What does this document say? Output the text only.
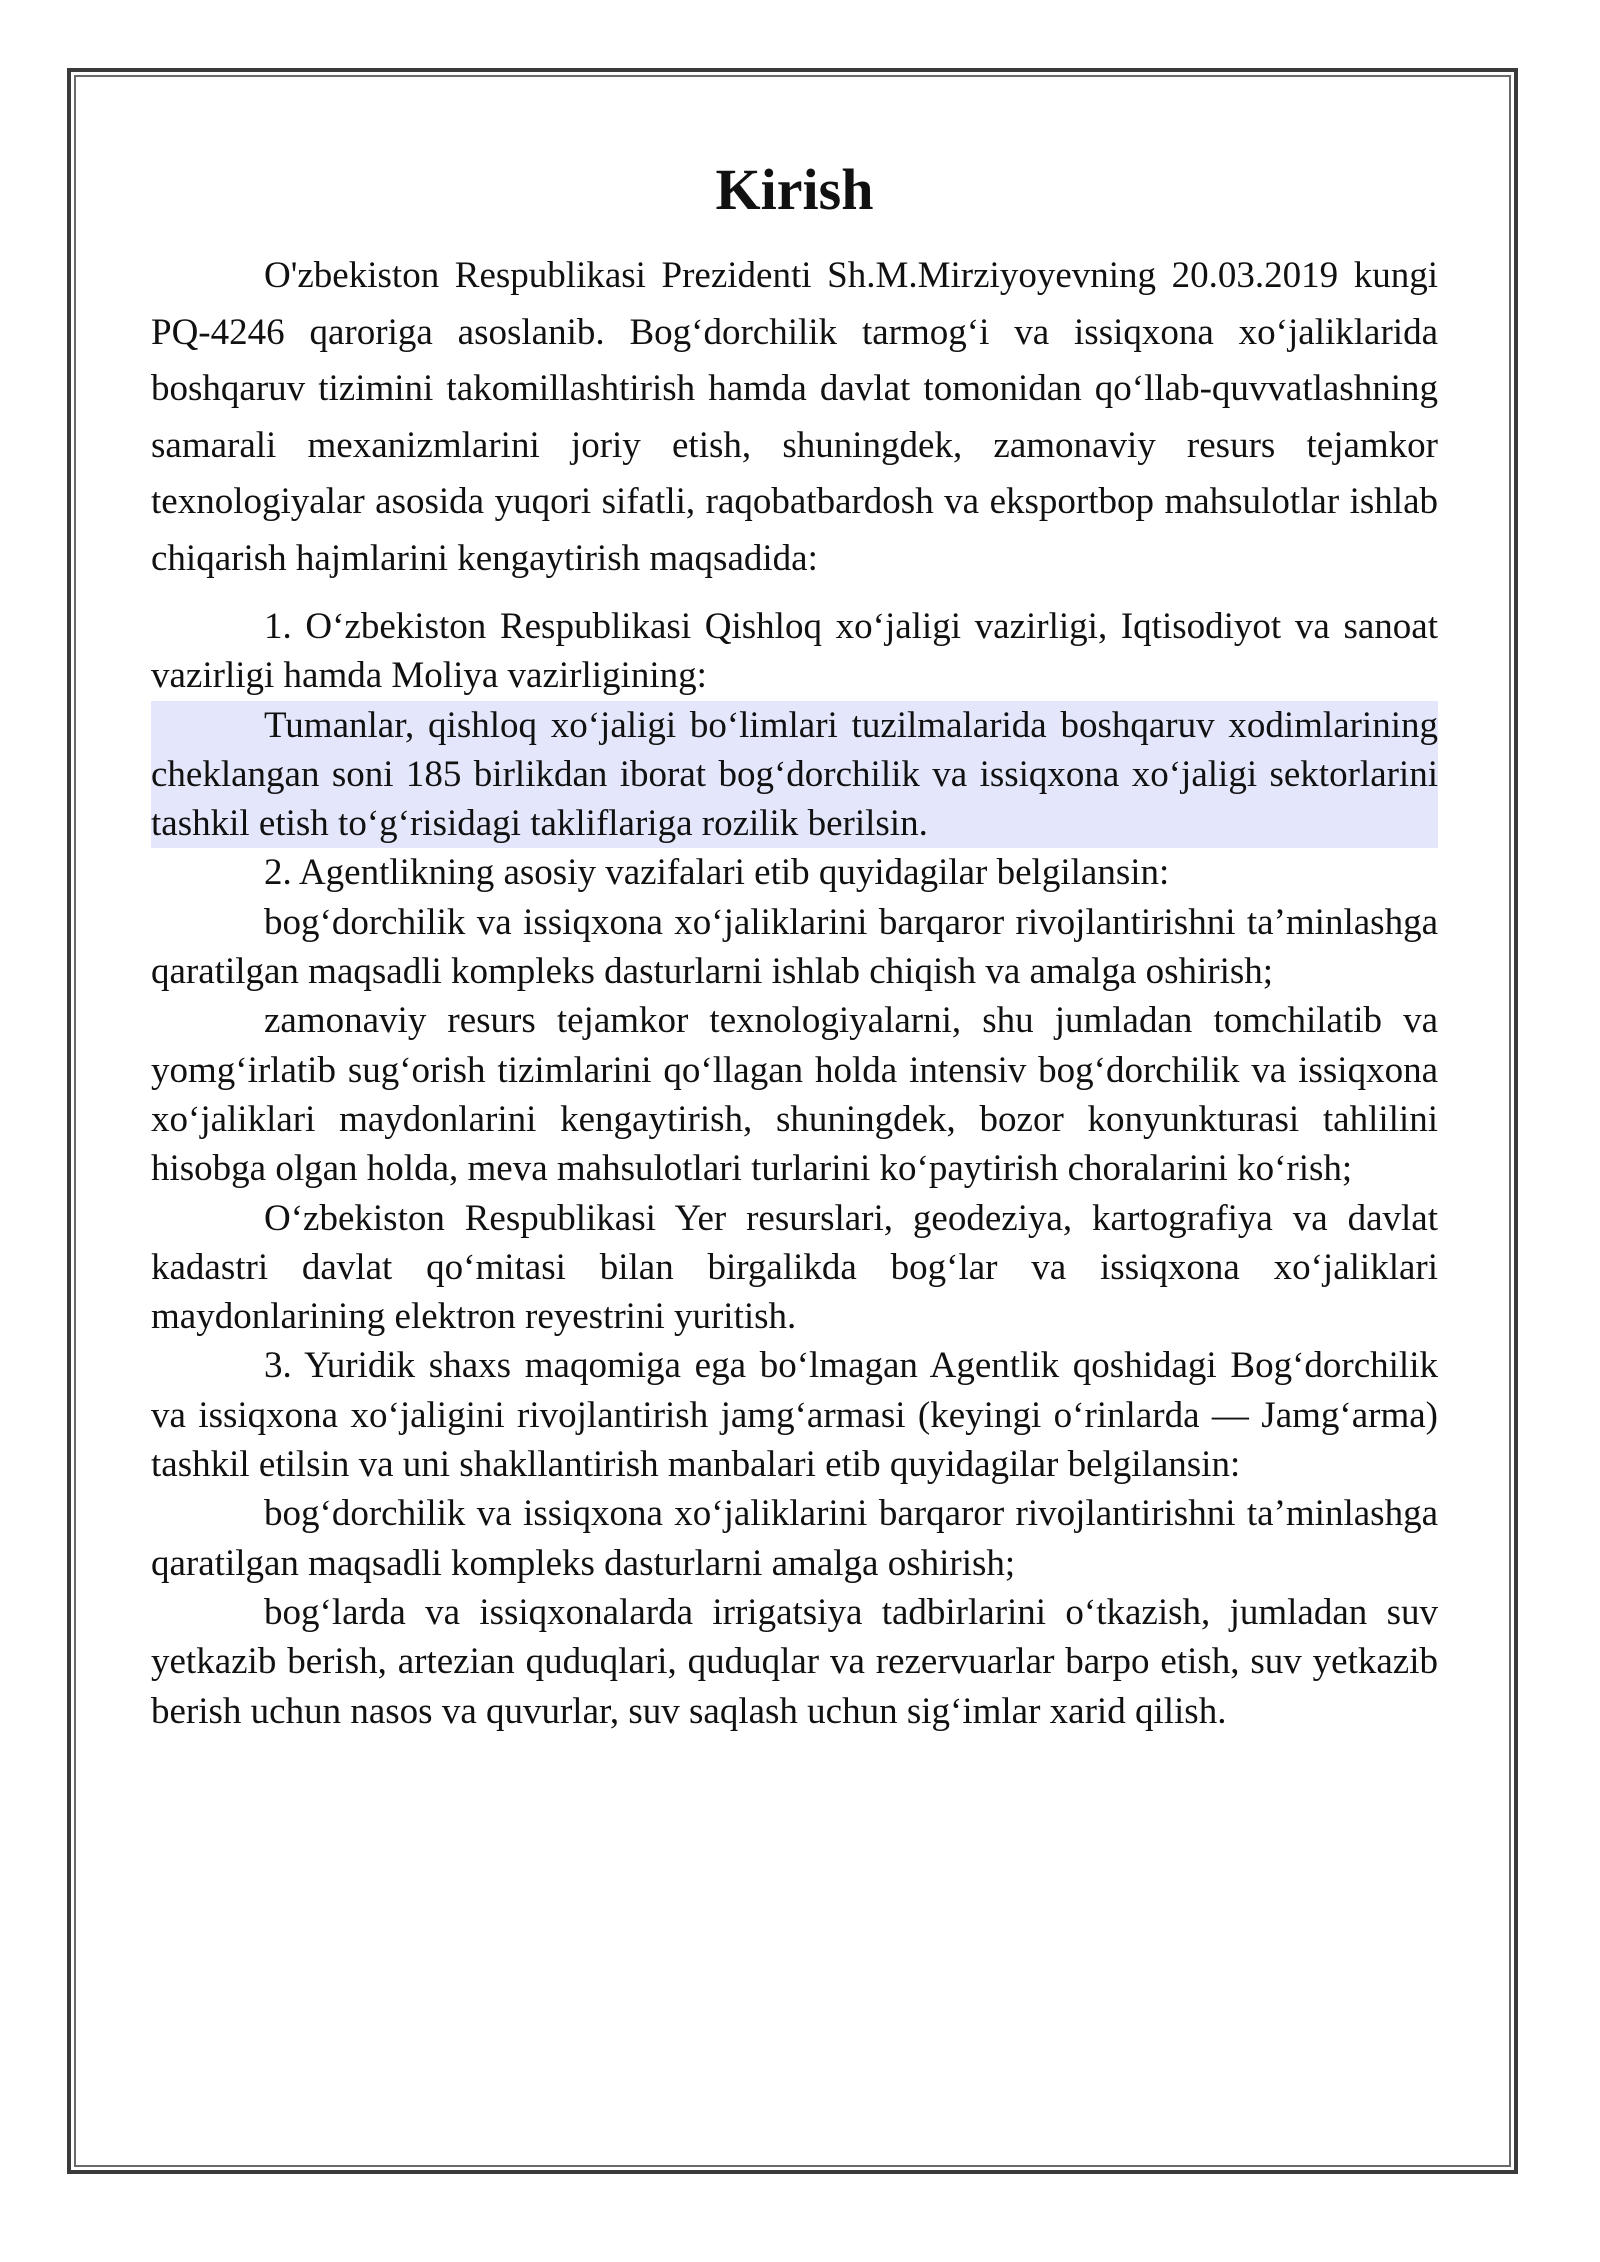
Kirish

O'zbekiston Respublikasi Prezidenti Sh.M.Mirziyoyevning 20.03.2019 kungi PQ-4246 qaroriga asoslanib. Bog‘dorchilik tarmog‘i va issiqxona xo‘jaliklarida boshqaruv tizimini takomillashtirish hamda davlat tomonidan qo‘llab-quvvatlashning samarali mexanizmlarini joriy etish, shuningdek, zamonaviy resurs tejamkor texnologiyalar asosida yuqori sifatli, raqobatbardosh va eksportbop mahsulotlar ishlab chiqarish hajmlarini kengaytirish maqsadida:

1. O‘zbekiston Respublikasi Qishloq xo‘jaligi vazirligi, Iqtisodiyot va sanoat vazirligi hamda Moliya vazirligining:

Tumanlar, qishloq xo‘jaligi bo‘limlari tuzilmalarida boshqaruv xodimlarining cheklangan soni 185 birlikdan iborat bog‘dorchilik va issiqxona xo‘jaligi sektorlarini tashkil etish to‘g‘risidagi takliflariga rozilik berilsin.

2. Agentlikning asosiy vazifalari etib quyidagilar belgilansin:

bog‘dorchilik va issiqxona xo‘jaliklarini barqaror rivojlantirishni ta’minlashga qaratilgan maqsadli kompleks dasturlarni ishlab chiqish va amalga oshirish;

zamonaviy resurs tejamkor texnologiyalarni, shu jumladan tomchilatib va yomg‘irlatib sug‘orish tizimlarini qo‘llagan holda intensiv bog‘dorchilik va issiqxona xo‘jaliklari maydonlarini kengaytirish, shuningdek, bozor konyunkturasi tahlilini hisobga olgan holda, meva mahsulotlari turlarini ko‘paytirish choralarini ko‘rish;

O‘zbekiston Respublikasi Yer resurslari, geodeziya, kartografiya va davlat kadastri davlat qo‘mitasi bilan birgalikda bog‘lar va issiqxona xo‘jaliklari maydonlarining elektron reyestrini yuritish.

3. Yuridik shaxs maqomiga ega bo‘lmagan Agentlik qoshidagi Bog‘dorchilik va issiqxona xo‘jaligini rivojlantirish jamg‘armasi (keyingi o‘rinlarda — Jamg‘arma) tashkil etilsin va uni shakllantirish manbalari etib quyidagilar belgilansin:

bog‘dorchilik va issiqxona xo‘jaliklarini barqaror rivojlantirishni ta’minlashga qaratilgan maqsadli kompleks dasturlarni amalga oshirish;

bog‘larda va issiqxonalarda irrigatsiya tadbirlarini o‘tkazish, jumladan suv yetkazib berish, artezian quduqlari, quduqlar va rezervuarlar barpo etish, suv yetkazib berish uchun nasos va quvurlar, suv saqlash uchun sig‘imlar xarid qilish.
